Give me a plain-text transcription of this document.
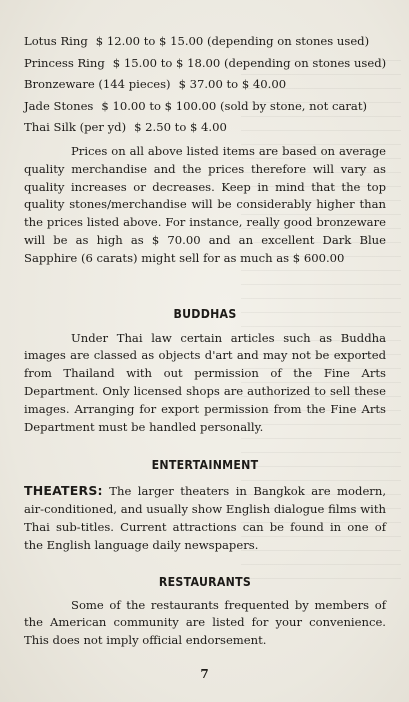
Lotus Ring $ 12.00 to $ 15.00 (depending on stones used)

Princess Ring $ 15.00 to $ 18.00 (depending on stones used)

Bronzeware (144 pieces) $ 37.00 to $ 40.00

Jade Stones $ 10.00 to $ 100.00 (sold by stone, not carat)

Thai Silk (per yd) $ 2.50 to $ 4.00

Prices on all above listed items are based on average quality merchandise and the prices therefore will vary as quality increases or decreases. Keep in mind that the top quality stones/merchandise will be considerably higher than the prices listed above. For instance, really good bronzeware will be as high as $ 70.00 and an excellent Dark Blue Sapphire (6 carats) might sell for as much as $ 600.00

BUDDHAS

Under Thai law certain articles such as Buddha images are classed as objects d'art and may not be exported from Thailand with out permission of the Fine Arts Department. Only licensed shops are authorized to sell these images. Arranging for export permission from the Fine Arts Department must be handled personally.

ENTERTAINMENT

THEATERS: The larger theaters in Bangkok are modern, air-conditioned, and usually show English dialogue films with Thai sub-titles. Current attractions can be found in one of the English language daily newspapers.

RESTAURANTS

Some of the restaurants frequented by members of the American community are listed for your convenience. This does not imply official endorsement.

7
